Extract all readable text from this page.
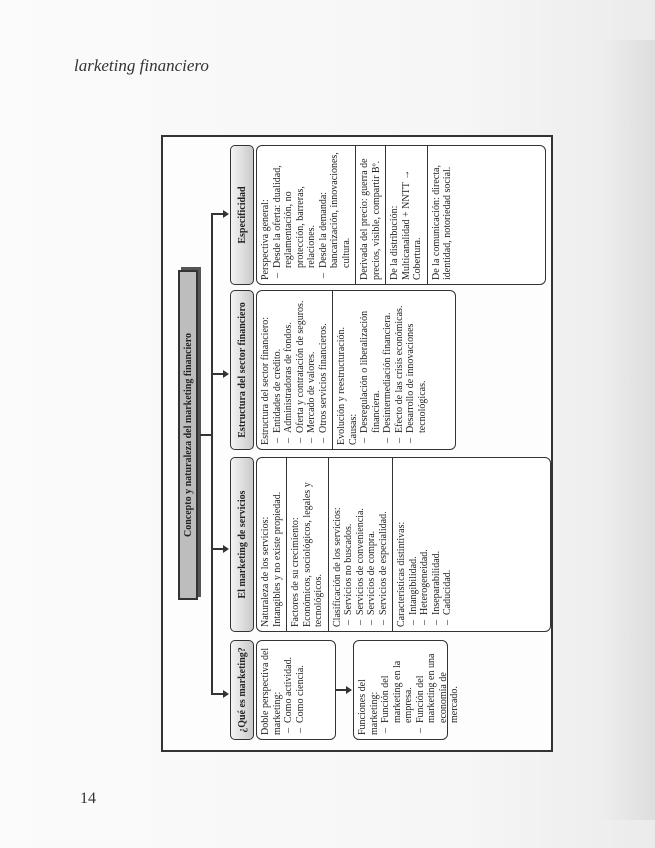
larketing financiero
14
Concepto y naturaleza del marketing financiero
¿Qué es marketing?	Doble perspectiva del marketing: – Como actividad. – Como ciencia.	Funciones del marketing: – Función del marketing en la empresa. – Función del marketing en una economía de mercado.
El marketing de servicios	Naturaleza de los servicios: Intangibles y no existe propiedad. Factores de su crecimiento: Económicos, sociológicos, legales y tecnológicos. Clasificación de los servicios: – Servicios no buscados. – Servicios de conveniencia. – Servicios de compra. – Servicios de especialidad. Características distintivas: – Intangibilidad. – Heterogeneidad. – Inseparabilidad. – Caducidad.
Estructura del sector financiero	Estructura del sector financiero: – Entidades de crédito. – Administradoras de fondos. – Oferta y contratación de seguros. – Mercado de valores. – Otros servicios financieros. Evolución y reestructuración. Causas: – Desregulación o liberalización financiera. – Desintermediación financiera. – Efecto de las crisis económicas. – Desarrollo de innovaciones tecnológicas.
Especificidad	Perspectiva general: – Desde la oferta: dualidad, reglamentación, no protección, barreras, relaciones. – Desde la demanda: bancarización, innovaciones, cultura. Derivada del precio: guerra de precios, visible, compartir Bº. De la distribución: Multicanalidad + NNTT → Cobertura. De la comunicación: directa, identidad, notoriedad social.
